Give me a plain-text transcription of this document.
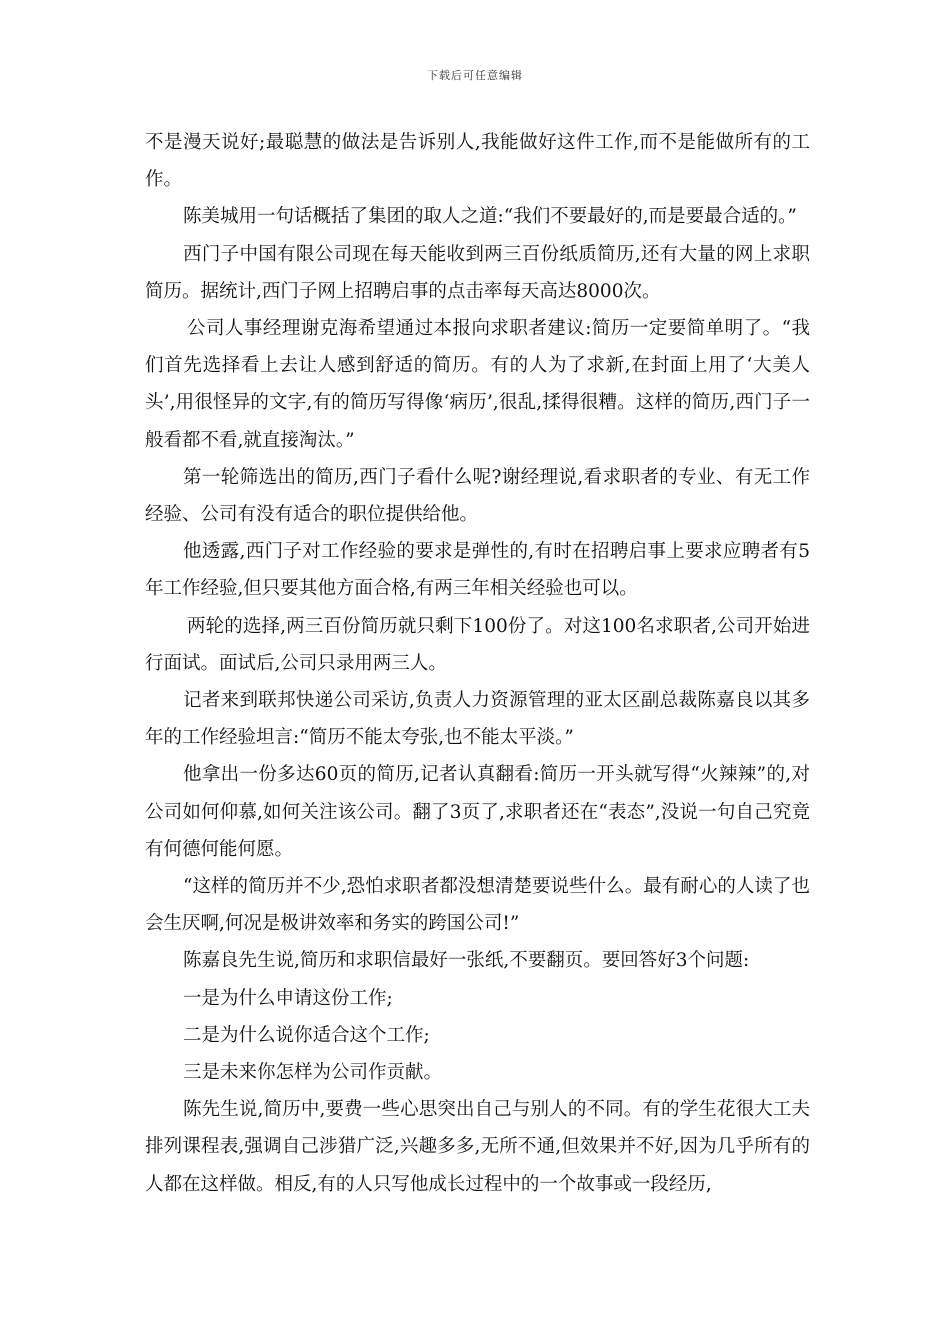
下载后可任意编辑

不是漫天说好;最聪慧的做法是告诉别人,我能做好这件工作,而不是能做所有的工作。

陈美城用一句话概括了集团的取人之道:“我们不要最好的,而是要最合适的。”

西门子中国有限公司现在每天能收到两三百份纸质简历,还有大量的网上求职简历。据统计,西门子网上招聘启事的点击率每天高达8000次。

公司人事经理谢克海希望通过本报向求职者建议:简历一定要简单明了。“我们首先选择看上去让人感到舒适的简历。有的人为了求新,在封面上用了‘大美人头’,用很怪异的文字,有的简历写得像‘病历’,很乱,揉得很糟。这样的简历,西门子一般看都不看,就直接淘汰。”

第一轮筛选出的简历,西门子看什么呢?谢经理说,看求职者的专业、有无工作经验、公司有没有适合的职位提供给他。

他透露,西门子对工作经验的要求是弹性的,有时在招聘启事上要求应聘者有5年工作经验,但只要其他方面合格,有两三年相关经验也可以。

两轮的选择,两三百份简历就只剩下100份了。对这100名求职者,公司开始进行面试。面试后,公司只录用两三人。

记者来到联邦快递公司采访,负责人力资源管理的亚太区副总裁陈嘉良以其多年的工作经验坦言:“简历不能太夸张,也不能太平淡。”

他拿出一份多达60页的简历,记者认真翻看:简历一开头就写得“火辣辣”的,对公司如何仰慕,如何关注该公司。翻了3页了,求职者还在“表态”,没说一句自己究竟有何德何能何愿。

“这样的简历并不少,恐怕求职者都没想清楚要说些什么。最有耐心的人读了也会生厌啊,何况是极讲效率和务实的跨国公司!”

陈嘉良先生说,简历和求职信最好一张纸,不要翻页。要回答好3个问题:

一是为什么申请这份工作;

二是为什么说你适合这个工作;

三是未来你怎样为公司作贡献。

陈先生说,简历中,要费一些心思突出自己与别人的不同。有的学生花很大工夫排列课程表,强调自己涉猎广泛,兴趣多多,无所不通,但效果并不好,因为几乎所有的人都在这样做。相反,有的人只写他成长过程中的一个故事或一段经历,
